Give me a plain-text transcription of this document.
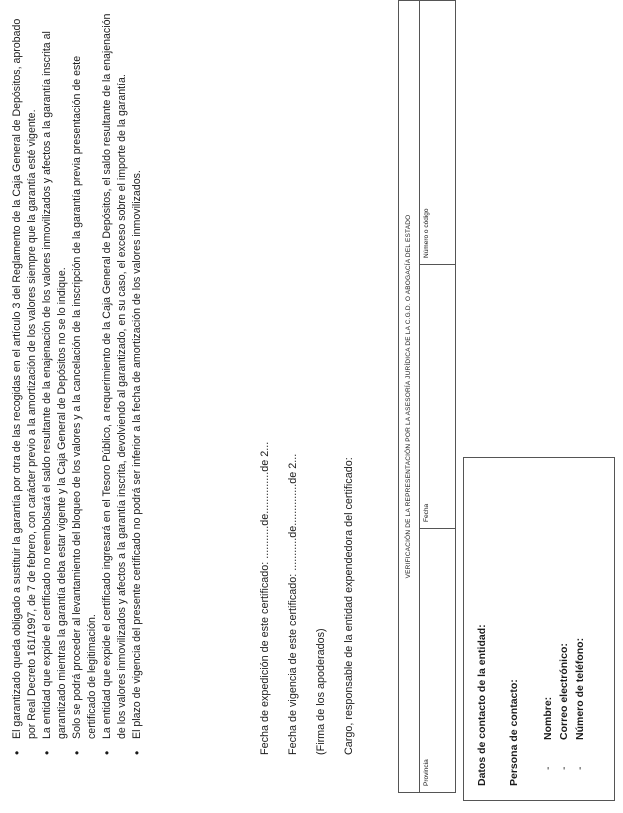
• El garantizado queda obligado a sustituir la garantía por otra de las recogidas en el artículo 3 del Reglamento de la Caja General de Depósitos, aprobado por Real Decreto 161/1997, de 7 de febrero, con carácter previo a la amortización de los valores siempre que la garantía esté vigente. • La entidad que expide el certificado no reembolsará el saldo resultante de la enajenación de los valores inmovilizados y afectos a la garantía inscrita al garantizado mientras la garantía deba estar vigente y la Caja General de Depósitos no se lo indique. • Solo se podrá proceder al levantamiento del bloqueo de los valores y a la cancelación de la inscripción de la garantía previa presentación de este certificado de legitimación. • La entidad que expide el certificado ingresará en el Tesoro Público, a requerimiento de la Caja General de Depósitos, el saldo resultante de la enajenación de los valores inmovilizados y afectos a la garantía inscrita, devolviendo al garantizado, en su caso, el exceso sobre el importe de la garantía. • El plazo de vigencia del presente certificado no podrá ser inferior a la fecha de amortización de los valores inmovilizados.	Fecha de expedición de este certificado: ...........de..............de 2... Fecha de vigencia de este certificado: ...........de..............de 2... (Firma de los apoderados) Cargo, responsable de la entidad expendedora del certificado:
VERIFICACIÓN DE LA REPRESENTACIÓN POR LA ASESORÍA JURÍDICA DE LA C.G.D. O ABOGACÍA DEL ESTADO
Provincia
Fecha
Número o código
Datos de contacto de la entidad: Persona de contacto: -
Nombre:
-
Correo electrónico:
-
Número de teléfono:
